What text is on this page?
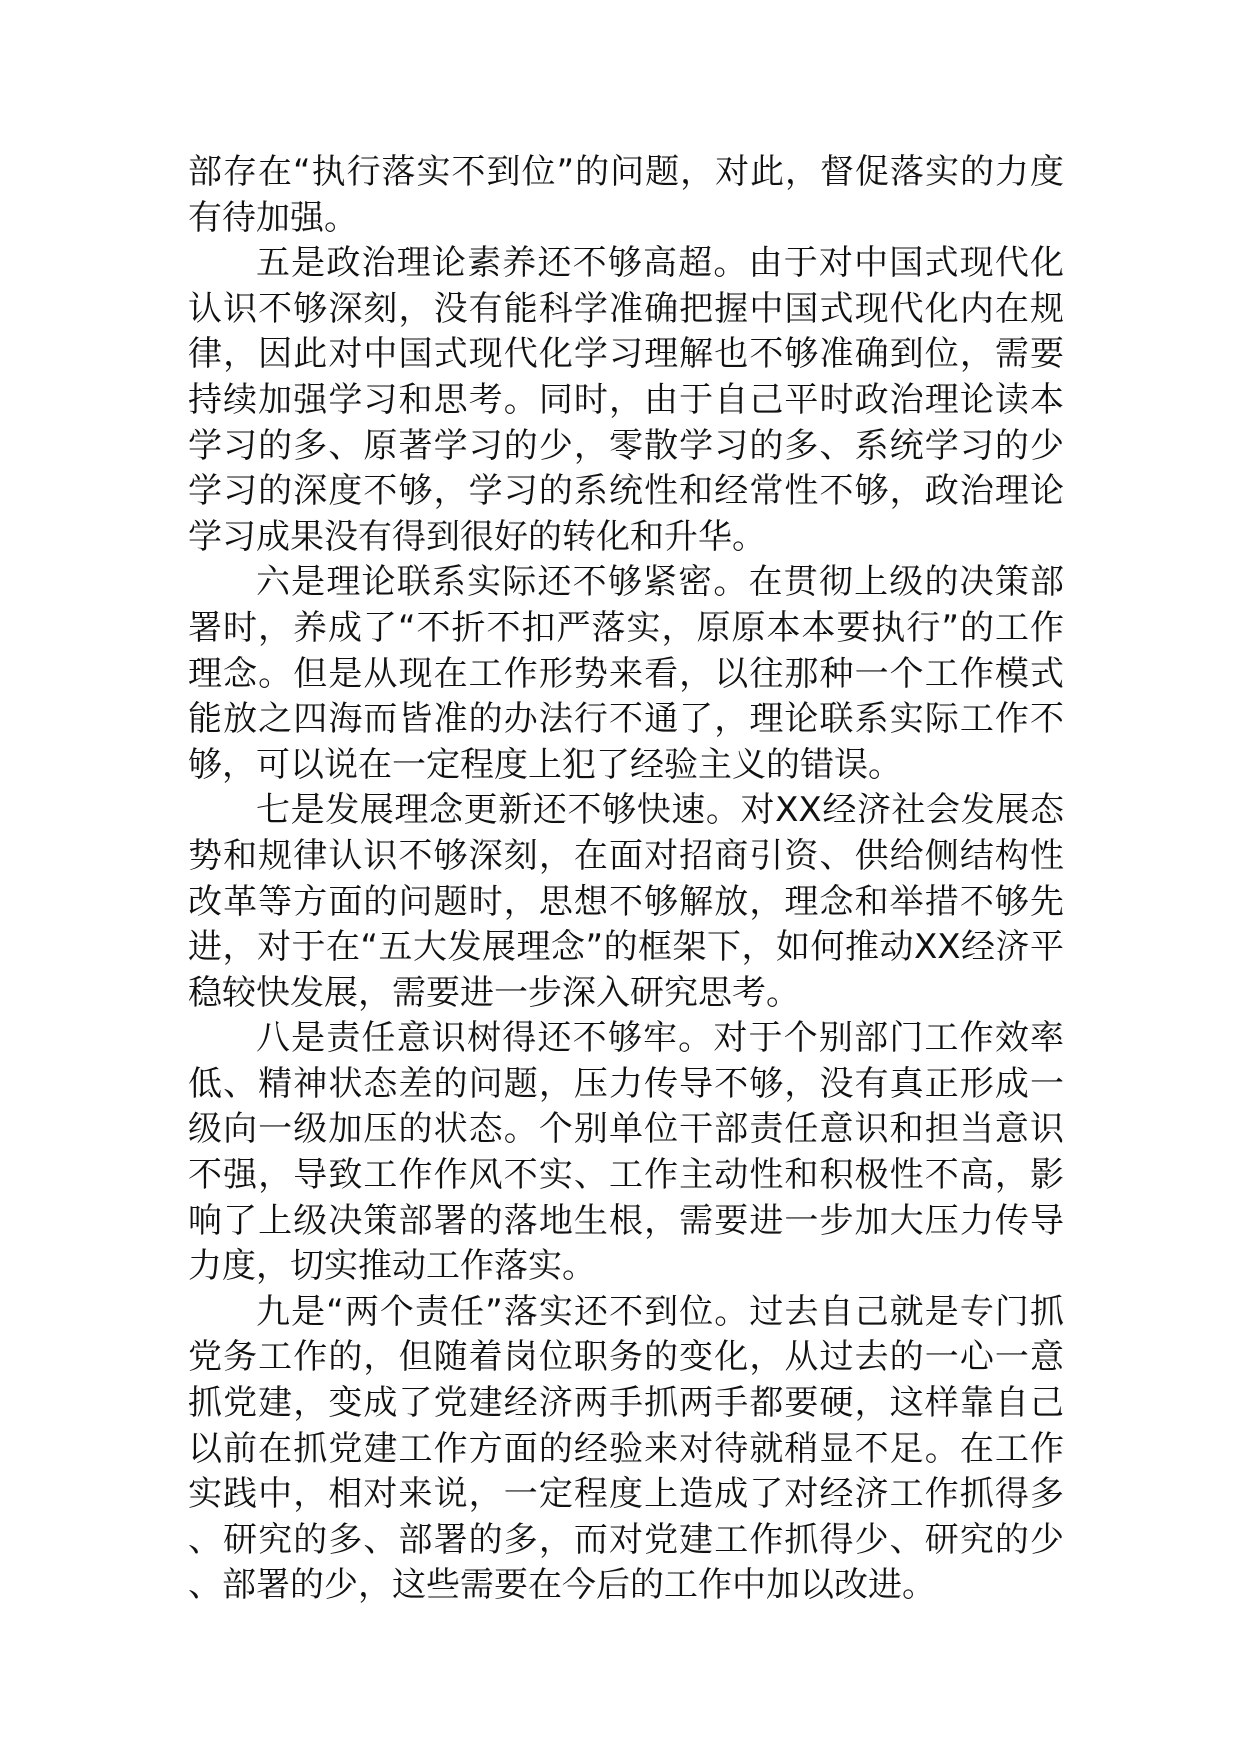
部存在“执行落实不到位”的问题，对此，督促落实的力度有待加强。

五是政治理论素养还不够高超。由于对中国式现代化认识不够深刻，没有能科学准确把握中国式现代化内在规律，因此对中国式现代化学习理解也不够准确到位，需要持续加强学习和思考。同时，由于自己平时政治理论读本学习的多、原著学习的少，零散学习的多、系统学习的少学习的深度不够，学习的系统性和经常性不够，政治理论学习成果没有得到很好的转化和升华。

六是理论联系实际还不够紧密。在贯彻上级的决策部署时，养成了“不折不扣严落实，原原本本要执行”的工作理念。但是从现在工作形势来看，以往那种一个工作模式能放之四海而皆准的办法行不通了，理论联系实际工作不够，可以说在一定程度上犯了经验主义的错误。

七是发展理念更新还不够快速。对XX经济社会发展态势和规律认识不够深刻，在面对招商引资、供给侧结构性改革等方面的问题时，思想不够解放，理念和举措不够先进，对于在“五大发展理念”的框架下，如何推动XX经济平稳较快发展，需要进一步深入研究思考。

八是责任意识树得还不够牢。对于个别部门工作效率低、精神状态差的问题，压力传导不够，没有真正形成一级向一级加压的状态。个别单位干部责任意识和担当意识不强，导致工作作风不实、工作主动性和积极性不高，影响了上级决策部署的落地生根，需要进一步加大压力传导力度，切实推动工作落实。

九是“两个责任”落实还不到位。过去自己就是专门抓党务工作的，但随着岗位职务的变化，从过去的一心一意抓党建，变成了党建经济两手抓两手都要硬，这样靠自己以前在抓党建工作方面的经验来对待就稍显不足。在工作实践中，相对来说，一定程度上造成了对经济工作抓得多、研究的多、部署的多，而对党建工作抓得少、研究的少、部署的少，这些需要在今后的工作中加以改进。
